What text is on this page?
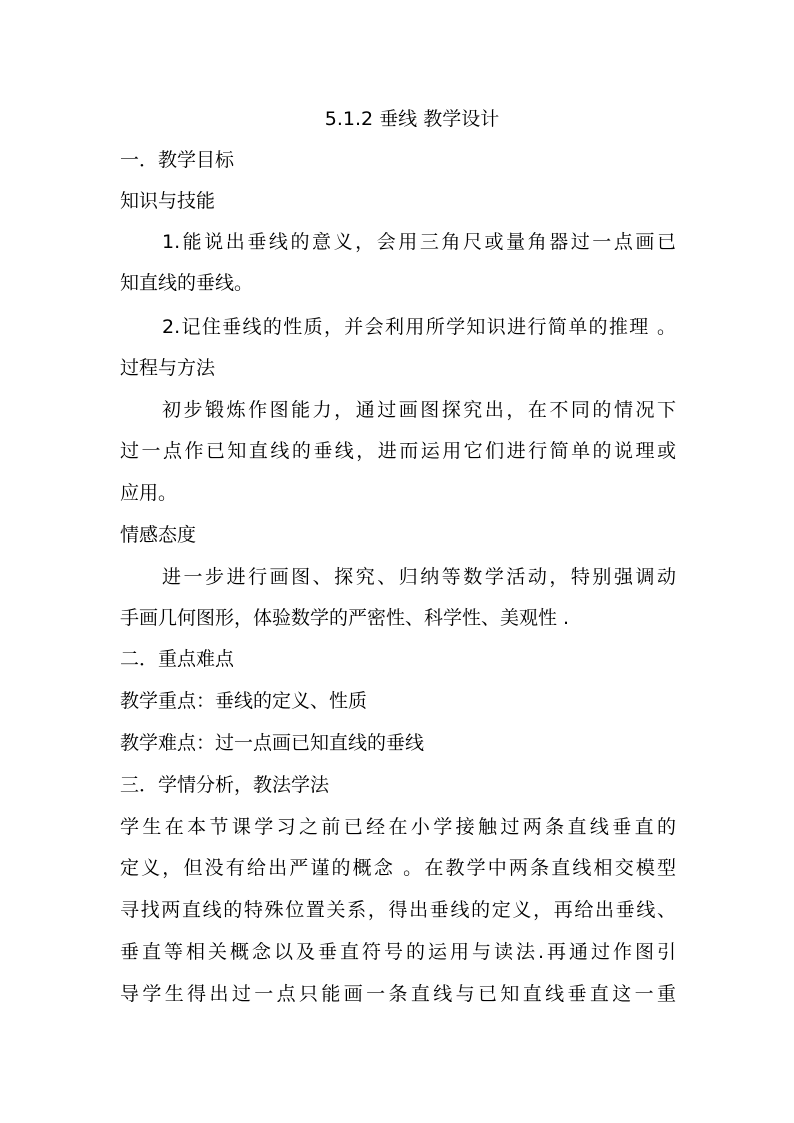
5.1.2 垂线 教学设计
一．教学目标
知识与技能
1.能说出垂线的意义，会用三角尺或量角器过一点画已
知直线的垂线。
2.记住垂线的性质，并会利用所学知识进行简单的推理 。
过程与方法
初步锻炼作图能力，通过画图探究出，在不同的情况下
过一点作已知直线的垂线，进而运用它们进行简单的说理或
应用。
情感态度
进一步进行画图、探究、归纳等数学活动，特别强调动
手画几何图形，体验数学的严密性、科学性、美观性 .
二．重点难点
教学重点：垂线的定义、性质
教学难点：过一点画已知直线的垂线
三．学情分析，教法学法
学生在本节课学习之前已经在小学接触过两条直线垂直的
定义，但没有给出严谨的概念 。在教学中两条直线相交模型
寻找两直线的特殊位置关系，得出垂线的定义，再给出垂线、
垂直等相关概念以及垂直符号的运用与读法.再通过作图引
导学生得出过一点只能画一条直线与已知直线垂直这一重
